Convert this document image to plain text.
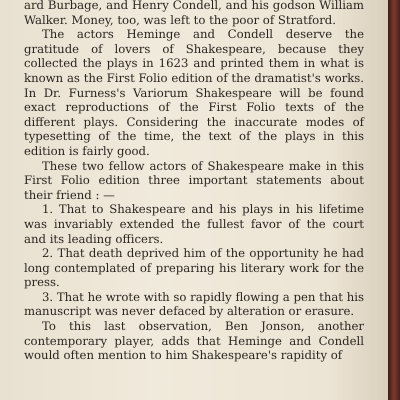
ard Burbage, and Henry Condell, and his godson William Walker. Money, too, was left to the poor of Stratford.

The actors Heminge and Condell deserve the gratitude of lovers of Shakespeare, because they collected the plays in 1623 and printed them in what is known as the First Folio edition of the dramatist's works. In Dr. Furness's Variorum Shakespeare will be found exact reproductions of the First Folio texts of the different plays. Considering the inaccurate modes of typesetting of the time, the text of the plays in this edition is fairly good.

These two fellow actors of Shakespeare make in this First Folio edition three important statements about their friend : —

1. That to Shakespeare and his plays in his lifetime was invariably extended the fullest favor of the court and its leading officers.

2. That death deprived him of the opportunity he had long contemplated of preparing his literary work for the press.

3. That he wrote with so rapidly flowing a pen that his manuscript was never defaced by alteration or erasure.

To this last observation, Ben Jonson, another contemporary player, adds that Heminge and Condell would often mention to him Shakespeare's rapidity of
